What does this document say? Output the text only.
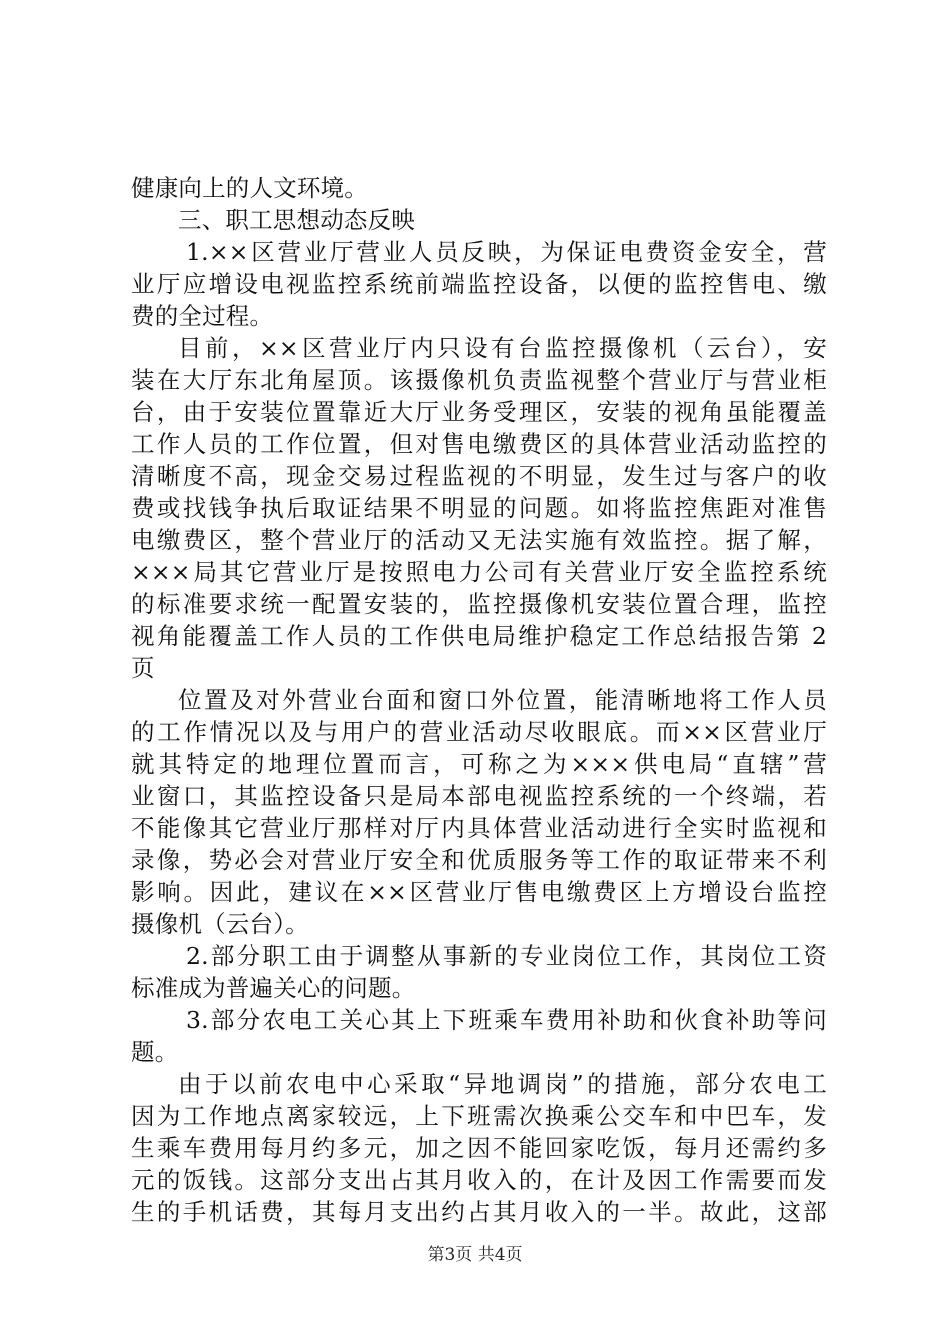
健康向上的人文环境。
三、职工思想动态反映
1.××区营业厅营业人员反映，为保证电费资金安全，营
业厅应增设电视监控系统前端监控设备，以便的监控售电、缴
费的全过程。
目前，××区营业厅内只设有台监控摄像机（云台），安
装在大厅东北角屋顶。该摄像机负责监视整个营业厅与营业柜
台，由于安装位置靠近大厅业务受理区，安装的视角虽能覆盖
工作人员的工作位置，但对售电缴费区的具体营业活动监控的
清晰度不高，现金交易过程监视的不明显，发生过与客户的收
费或找钱争执后取证结果不明显的问题。如将监控焦距对准售
电缴费区，整个营业厅的活动又无法实施有效监控。据了解，
×××局其它营业厅是按照电力公司有关营业厅安全监控系统
的标准要求统一配置安装的，监控摄像机安装位置合理，监控
视角能覆盖工作人员的工作供电局维护稳定工作总结报告第 2
页
位置及对外营业台面和窗口外位置，能清晰地将工作人员
的工作情况以及与用户的营业活动尽收眼底。而××区营业厅
就其特定的地理位置而言，可称之为×××供电局“直辖”营
业窗口，其监控设备只是局本部电视监控系统的一个终端，若
不能像其它营业厅那样对厅内具体营业活动进行全实时监视和
录像，势必会对营业厅安全和优质服务等工作的取证带来不利
影响。因此，建议在××区营业厅售电缴费区上方增设台监控
摄像机（云台）。
2.部分职工由于调整从事新的专业岗位工作，其岗位工资
标准成为普遍关心的问题。
3.部分农电工关心其上下班乘车费用补助和伙食补助等问
题。
由于以前农电中心采取“异地调岗”的措施，部分农电工
因为工作地点离家较远，上下班需次换乘公交车和中巴车，发
生乘车费用每月约多元，加之因不能回家吃饭，每月还需约多
元的饭钱。这部分支出占其月收入的，在计及因工作需要而发
生的手机话费，其每月支出约占其月收入的一半。故此，这部
第3页 共4页
